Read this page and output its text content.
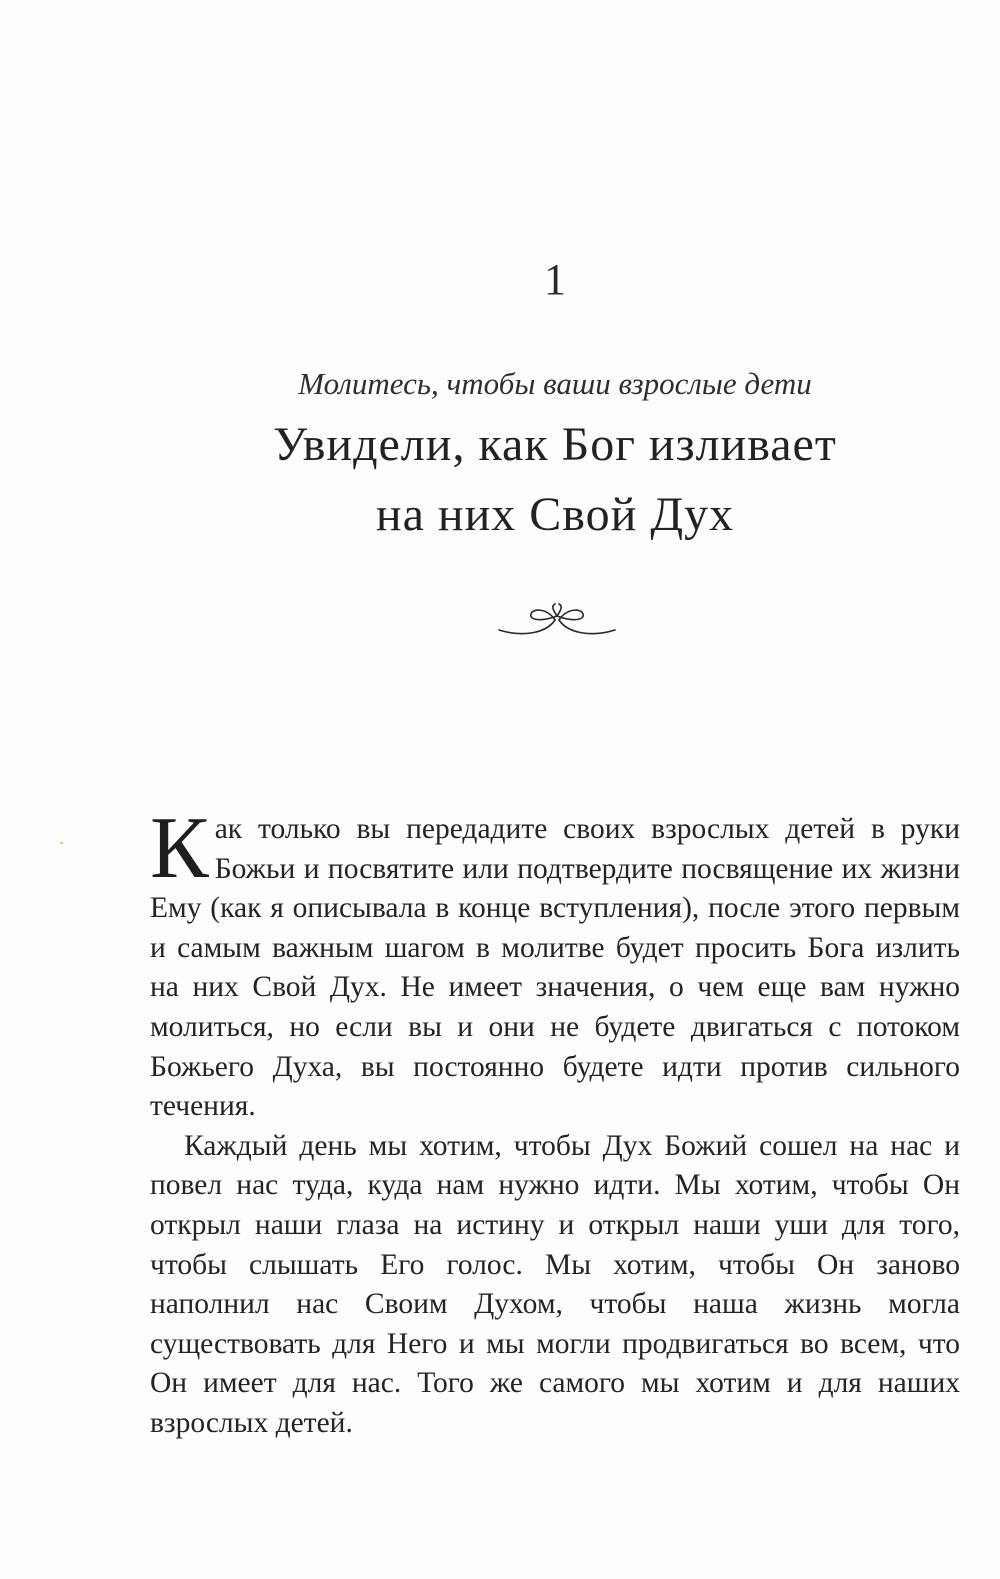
1
Молитесь, чтобы ваши взрослые дети
Увидели, как Бог изливает
на них Свой Дух

Как только вы передадите своих взрослых детей в руки Божьи и посвятите или подтвердите посвящение их жизни Ему (как я описывала в конце вступления), после этого первым и самым важным шагом в молитве будет просить Бога излить на них Свой Дух. Не имеет значения, о чем еще вам нужно молиться, но если вы и они не будете двигаться с потоком Божьего Духа, вы постоянно будете идти против сильного течения.

Каждый день мы хотим, чтобы Дух Божий сошел на нас и повел нас туда, куда нам нужно идти. Мы хотим, чтобы Он открыл наши глаза на истину и открыл наши уши для того, чтобы слышать Его голос. Мы хотим, чтобы Он заново наполнил нас Своим Духом, чтобы наша жизнь могла существовать для Него и мы могли продвигаться во всем, что Он имеет для нас. Того же самого мы хотим и для наших взрослых детей.
